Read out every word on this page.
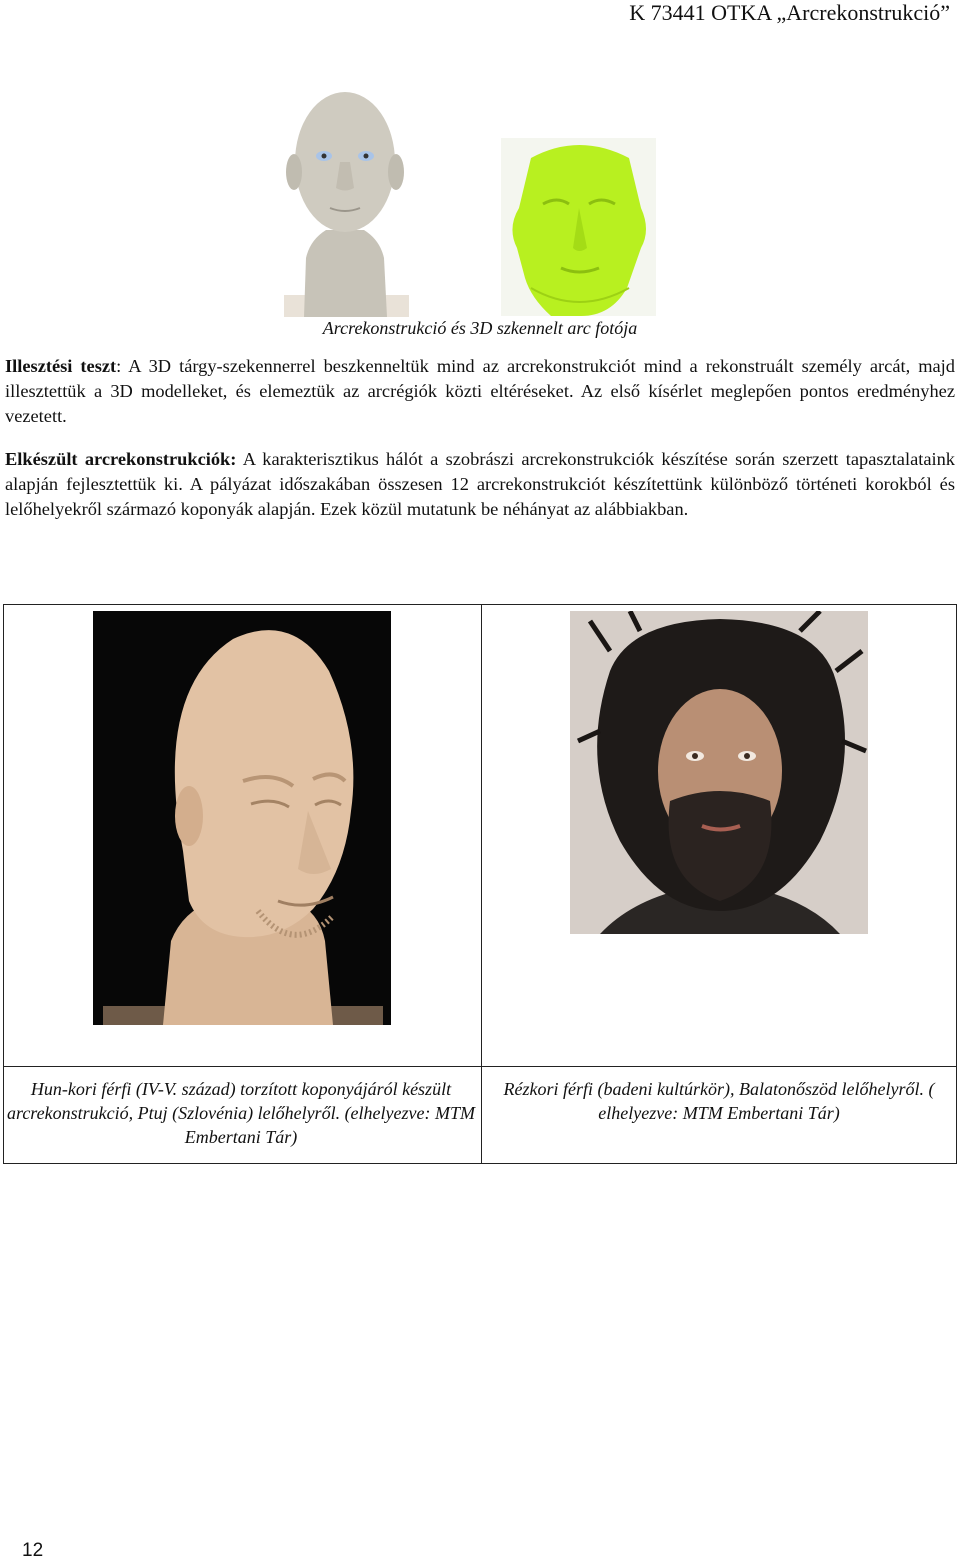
K 73441 OTKA „Arcrekonstrukció”
Arcrekonstrukció és 3D szkennelt arc fotója
Illesztési teszt: A 3D tárgy-szekennerrel beszkenneltük mind az arcrekonstrukciót mind a rekonstruált személy arcát, majd illesztettük a 3D modelleket, és elemeztük az arcrégiók közti eltéréseket. Az első kísérlet meglepően pontos eredményhez vezetett.
Elkészült arcrekonstrukciók: A karakterisztikus hálót a szobrászi arcrekonstrukciók készítése során szerzett tapasztalataink alapján fejlesztettük ki. A pályázat időszakában összesen 12 arcrekonstrukciót készítettünk különböző történeti korokból és lelőhelyekről származó koponyák alapján. Ezek közül mutatunk be néhányat az alábbiakban.
Hun-kori férfi (IV-V. század) torzított koponyájáról készült arcrekonstrukció, Ptuj (Szlovénia) lelőhelyről. (elhelyezve: MTM Embertani Tár)
Rézkori férfi (badeni kultúrkör), Balatonőszöd lelőhelyről. ( elhelyezve: MTM Embertani Tár)
12
